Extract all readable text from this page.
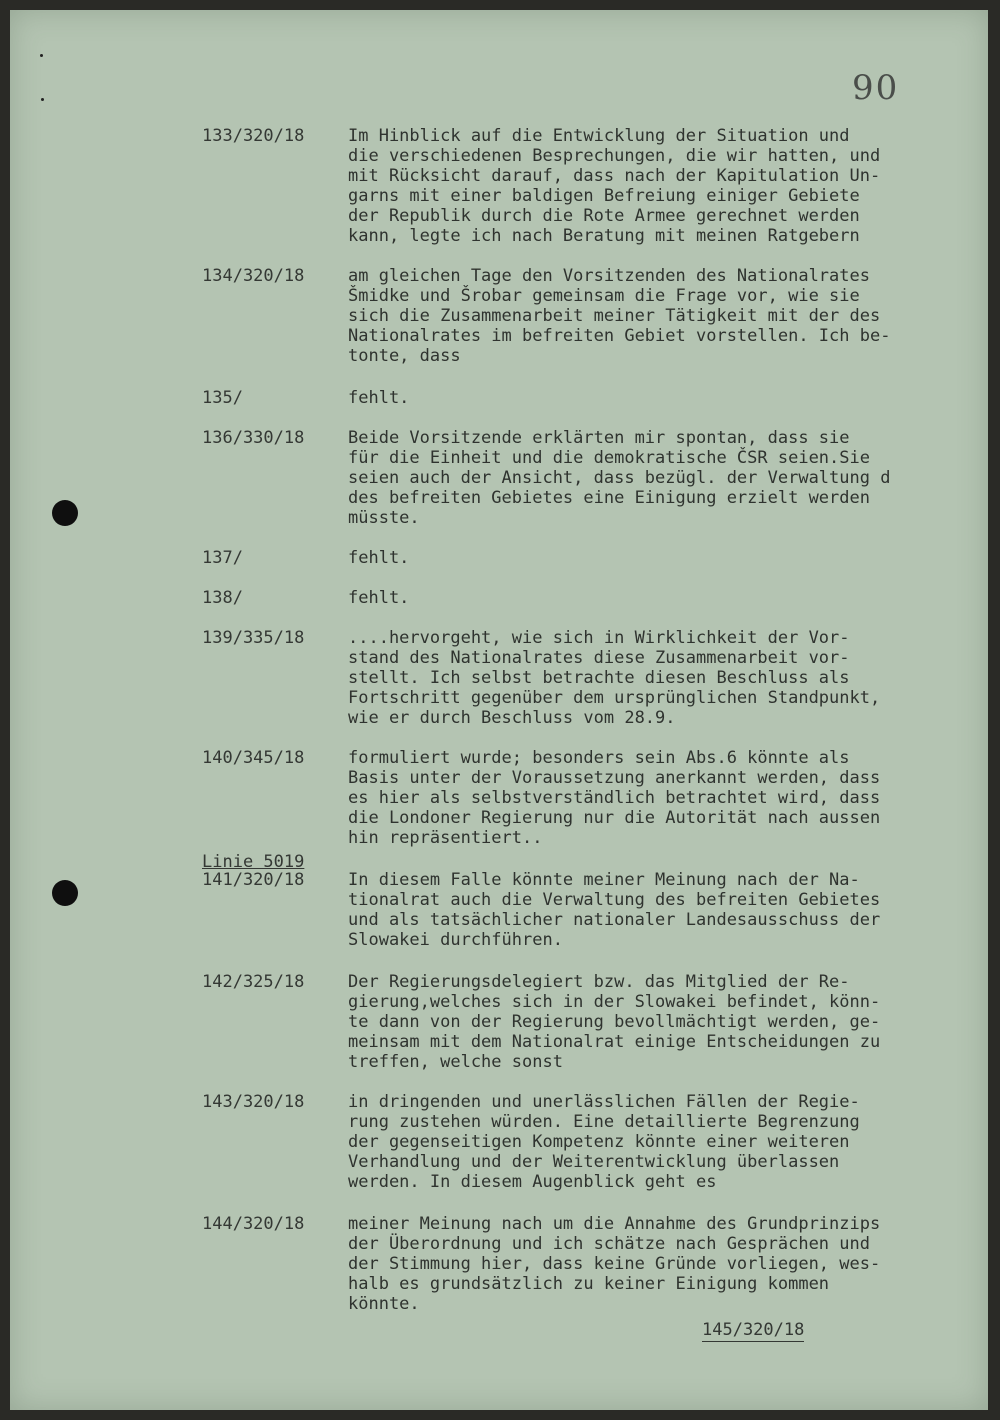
90
133/320/18	Im Hinblick auf die Entwicklung der Situation und
die verschiedenen Besprechungen, die wir hatten, und
mit Rücksicht darauf, dass nach der Kapitulation Un-
garns mit einer baldigen Befreiung einiger Gebiete
der Republik durch die Rote Armee gerechnet werden
kann, legte ich nach Beratung mit meinen Ratgebern
134/320/18	am gleichen Tage den Vorsitzenden des Nationalrates
Šmidke und Šrobar gemeinsam die Frage vor, wie sie
sich die Zusammenarbeit meiner Tätigkeit mit der des
Nationalrates im befreiten Gebiet vorstellen. Ich be-
tonte, dass
135/	fehlt.
136/330/18	Beide Vorsitzende erklärten mir spontan, dass sie
für die Einheit und die demokratische ČSR seien.Sie
seien auch der Ansicht, dass bezügl. der Verwaltung d
des befreiten Gebietes eine Einigung erzielt werden
müsste.
137/	fehlt.
138/	fehlt.
139/335/18	....hervorgeht, wie sich in Wirklichkeit der Vor-
stand des Nationalrates diese Zusammenarbeit vor-
stellt. Ich selbst betrachte diesen Beschluss als
Fortschritt gegenüber dem ursprünglichen Standpunkt,
wie er durch Beschluss vom 28.9.
140/345/18	formuliert wurde; besonders sein Abs.6 könnte als
Basis unter der Voraussetzung anerkannt werden, dass
es hier als selbstverständlich betrachtet wird, dass
die Londoner Regierung nur die Autorität nach aussen
hin repräsentiert..
141/320/18	In diesem Falle könnte meiner Meinung nach der Na-
tionalrat auch die Verwaltung des befreiten Gebietes
und als tatsächlicher nationaler Landesausschuss der
Slowakei durchführen.
142/325/18	Der Regierungsdelegiert bzw. das Mitglied der Re-
gierung,welches sich in der Slowakei befindet, könn-
te dann von der Regierung bevollmächtigt werden, ge-
meinsam mit dem Nationalrat einige Entscheidungen zu
treffen, welche sonst
143/320/18	in dringenden und unerlässlichen Fällen der Regie-
rung zustehen würden. Eine detaillierte Begrenzung
der gegenseitigen Kompetenz könnte einer weiteren
Verhandlung und der Weiterentwicklung überlassen
werden. In diesem Augenblick geht es
144/320/18	meiner Meinung nach um die Annahme des Grundprinzips
der Überordnung und ich schätze nach Gesprächen und
der Stimmung hier, dass keine Gründe vorliegen, wes-
halb es grundsätzlich zu keiner Einigung kommen
könnte.
Linie 5019
145/320/18
